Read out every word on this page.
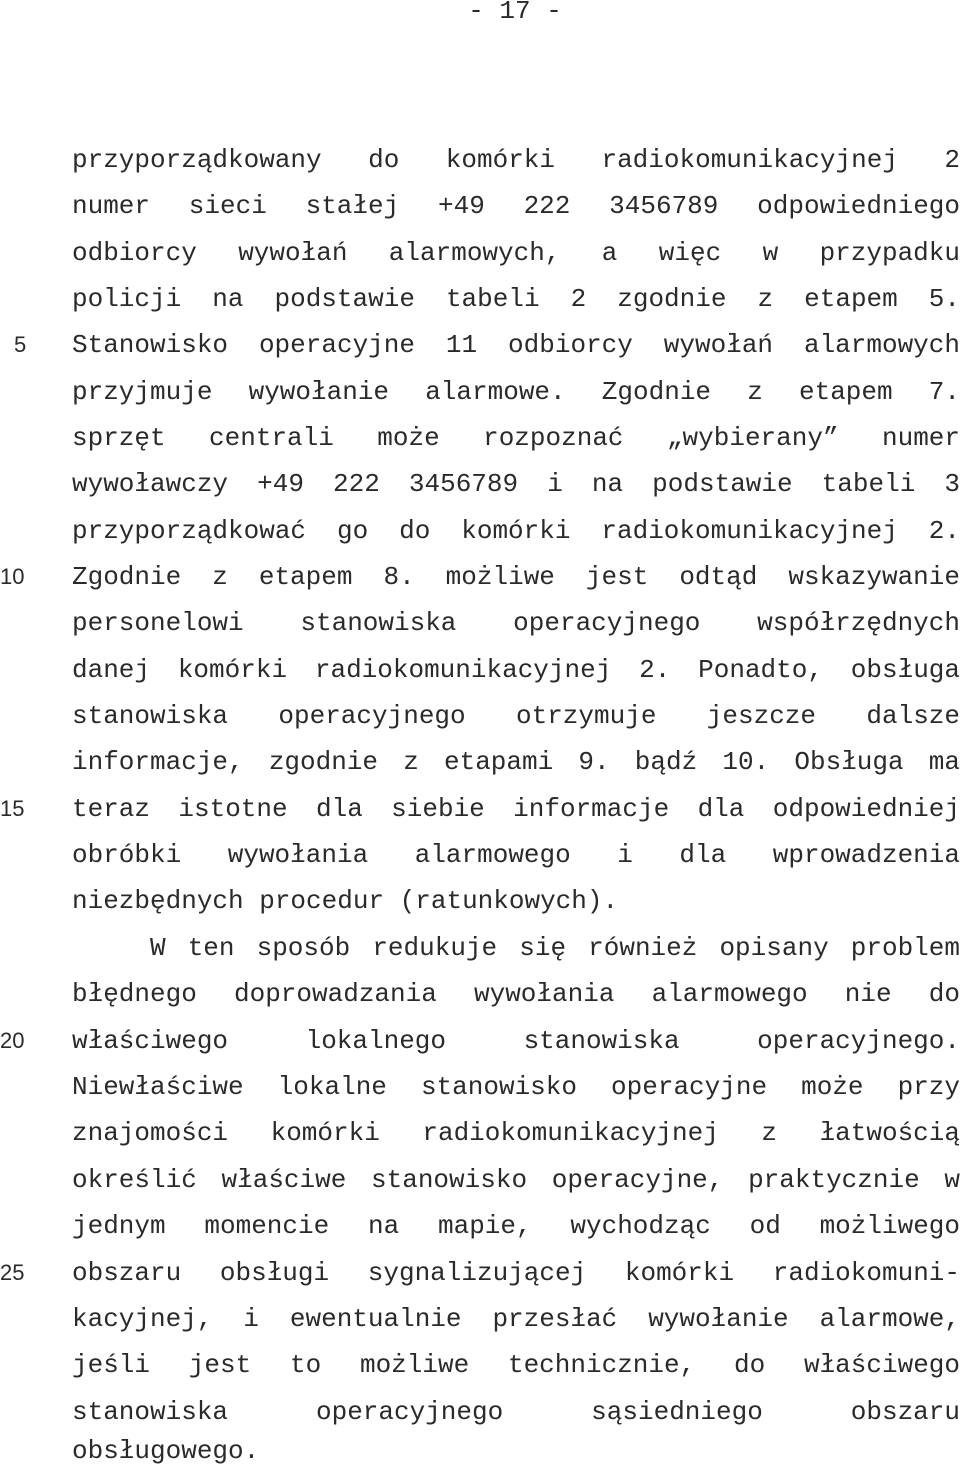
- 17 -
5
10
15
20
25
przyporządkowany do komórki radiokomunikacyjnej 2
numer sieci stałej +49 222 3456789 odpowiedniego
odbiorcy wywołań alarmowych, a więc w przypadku
policji na podstawie tabeli 2 zgodnie z etapem 5.
Stanowisko operacyjne 11 odbiorcy wywołań alarmowych
przyjmuje wywołanie alarmowe. Zgodnie z etapem 7.
sprzęt centrali może rozpoznać „wybierany” numer
wywoławczy +49 222 3456789 i na podstawie tabeli 3
przyporządkować go do komórki radiokomunikacyjnej 2.
Zgodnie z etapem 8. możliwe jest odtąd wskazywanie
personelowi stanowiska operacyjnego współrzędnych
danej komórki radiokomunikacyjnej 2. Ponadto, obsługa
stanowiska operacyjnego otrzymuje jeszcze dalsze
informacje, zgodnie z etapami 9. bądź 10. Obsługa ma
teraz istotne dla siebie informacje dla odpowiedniej
obróbki wywołania alarmowego i dla wprowadzenia
niezbędnych procedur (ratunkowych).
W ten sposób redukuje się również opisany problem
błędnego doprowadzania wywołania alarmowego nie do
właściwego lokalnego stanowiska operacyjnego.
Niewłaściwe lokalne stanowisko operacyjne może przy
znajomości komórki radiokomunikacyjnej z łatwością
określić właściwe stanowisko operacyjne, praktycznie w
jednym momencie na mapie, wychodząc od możliwego
obszaru obsługi sygnalizującej komórki radiokomuni-
kacyjnej, i ewentualnie przesłać wywołanie alarmowe,
jeśli jest to możliwe technicznie, do właściwego
stanowiska operacyjnego sąsiedniego obszaru
obsługowego.
